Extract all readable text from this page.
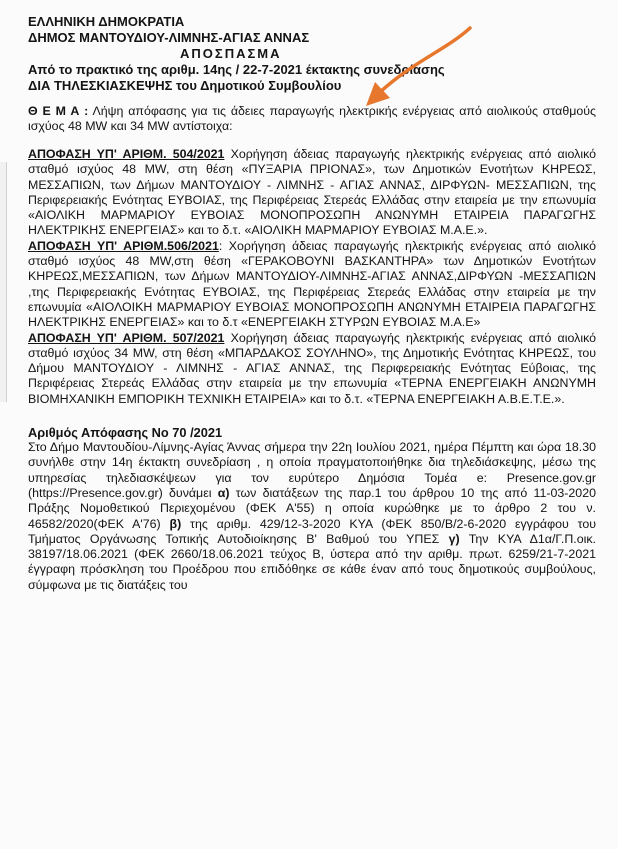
ΕΛΛΗΝΙΚΗ ΔΗΜΟΚΡΑΤΙΑ
ΔΗΜΟΣ ΜΑΝΤΟΥΔΙΟΥ-ΛΙΜΝΗΣ-ΑΓΙΑΣ ΑΝΝΑΣ
ΑΠΟΣΠΑΣΜΑ
Από το πρακτικό της αριθμ. 14ης / 22-7-2021 έκτακτης συνεδρίασης
ΔΙΑ ΤΗΛΕΣΚΙΑΣΚΕΨΗΣ του Δημοτικού Συμβουλίου

Θ Ε Μ Α : Λήψη απόφασης για τις άδειες παραγωγής ηλεκτρικής ενέργειας από αιολικούς σταθμούς ισχύος 48 MW και 34 MW αντίστοιχα:

ΑΠΟΦΑΣΗ ΥΠ' ΑΡΙΘΜ. 504/2021 Χορήγηση άδειας παραγωγής ηλεκτρικής ενέργειας από αιολικό σταθμό ισχύος 48 MW, στη θέση «ΠΥΞΑΡΙΑ ΠΡΙΟΝΑΣ», των Δημοτικών Ενοτήτων ΚΗΡΕΩΣ, ΜΕΣΣΑΠΙΩΝ, των Δήμων ΜΑΝΤΟΥΔΙΟΥ - ΛΙΜΝΗΣ - ΑΓΙΑΣ ΑΝΝΑΣ, ΔΙΡΦΥΩΝ- ΜΕΣΣΑΠΙΩΝ, της Περιφερειακής Ενότητας ΕΥΒΟΙΑΣ, της Περιφέρειας Στερεάς Ελλάδας στην εταιρεία με την επωνυμία «ΑΙΟΛΙΚΗ ΜΑΡΜΑΡΙΟΥ ΕΥΒΟΙΑΣ ΜΟΝΟΠΡΟΣΩΠΗ ΑΝΩΝΥΜΗ ΕΤΑΙΡΕΙΑ ΠΑΡΑΓΩΓΗΣ ΗΛΕΚΤΡΙΚΗΣ ΕΝΕΡΓΕΙΑΣ» και το δ.τ. «ΑΙΟΛΙΚΗ ΜΑΡΜΑΡΙΟΥ ΕΥΒΟΙΑΣ Μ.Α.Ε.».

ΑΠΟΦΑΣΗ ΥΠ' ΑΡΙΘΜ.506/2021: Χορήγηση άδειας παραγωγής ηλεκτρικής ενέργειας από αιολικό σταθμό ισχύος 48 MW,στη θέση «ΓΕΡΑΚΟΒΟΥΝΙ ΒΑΣΚΑΝΤΗΡΑ» των Δημοτικών Ενοτήτων ΚΗΡΕΩΣ,ΜΕΣΣΑΠΙΩΝ, των Δήμων ΜΑΝΤΟΥΔΙΟΥ-ΛΙΜΝΗΣ-ΑΓΙΑΣ ΑΝΝΑΣ,ΔΙΡΦΥΩΝ -ΜΕΣΣΑΠΙΩΝ ,της Περιφερειακής Ενότητας ΕΥΒΟΙΑΣ, της Περιφέρειας Στερεάς Ελλάδας στην εταιρεία με την επωνυμία «ΑΙΟΛΟΙΚΗ ΜΑΡΜΑΡΙΟΥ ΕΥΒΟΙΑΣ ΜΟΝΟΠΡΟΣΩΠΗ ΑΝΩΝΥΜΗ ΕΤΑΙΡΕΙΑ ΠΑΡΑΓΩΓΗΣ ΗΛΕΚΤΡΙΚΗΣ ΕΝΕΡΓΕΙΑΣ» και το δ.τ «ΕΝΕΡΓΕΙΑΚΗ ΣΤΥΡΩΝ ΕΥΒΟΙΑΣ Μ.Α.Ε»

ΑΠΟΦΑΣΗ ΥΠ' ΑΡΙΘΜ. 507/2021 Χορήγηση άδειας παραγωγής ηλεκτρικής ενέργειας από αιολικό σταθμό ισχύος 34 MW, στη θέση «ΜΠΑΡΔΑΚΟΣ ΣΟΥΛΗΝΟ», της Δημοτικής Ενότητας ΚΗΡΕΩΣ, του Δήμου ΜΑΝΤΟΥΔΙΟΥ - ΛΙΜΝΗΣ - ΑΓΙΑΣ ΑΝΝΑΣ, της Περιφερειακής Ενότητας Εύβοιας, της Περιφέρειας Στερεάς Ελλάδας στην εταιρεία με την επωνυμία «ΤΕΡΝΑ ΕΝΕΡΓΕΙΑΚΗ ΑΝΩΝΥΜΗ ΒΙΟΜΗΧΑΝΙΚΗ ΕΜΠΟΡΙΚΗ ΤΕΧΝΙΚΗ ΕΤΑΙΡΕΙΑ» και το δ.τ. «ΤΕΡΝΑ ΕΝΕΡΓΕΙΑΚΗ Α.Β.Ε.Τ.Ε.».

Αριθμός Απόφασης Νο 70 /2021

Στο Δήμο Μαντουδίου-Λίμνης-Αγίας Άννας σήμερα την 22η Ιουλίου 2021, ημέρα Πέμπτη και ώρα 18.30 συνήλθε στην 14η έκτακτη συνεδρίαση , η οποία πραγματοποιήθηκε δια τηλεδιάσκεψης, μέσω της υπηρεσίας τηλεδιασκέψεων για τον ευρύτερο Δημόσια Τομέα e: Presence.gov.gr (https://Presence.gov.gr) δυνάμει α) των διατάξεων της παρ.1 του άρθρου 10 της από 11-03-2020 Πράξης Νομοθετικού Περιεχομένου (ΦΕΚ Α'55) η οποία κυρώθηκε με το άρθρο 2 του ν. 46582/2020(ΦΕΚ Α'76) β) της αριθμ. 429/12-3-2020 ΚΥΑ (ΦΕΚ 850/Β/2-6-2020 εγγράφου του Τμήματος Οργάνωσης Τοπικής Αυτοδιοίκησης Β' Βαθμού του ΥΠΕΣ γ) Την ΚΥΑ Δ1α/Γ.Π.οικ. 38197/18.06.2021 (ΦΕΚ 2660/18.06.2021 τεύχος Β, ύστερα από την αριθμ. πρωτ. 6259/21-7-2021 έγγραφη πρόσκληση του Προέδρου που επιδόθηκε σε κάθε έναν από τους δημοτικούς συμβούλους, σύμφωνα με τις διατάξεις του
